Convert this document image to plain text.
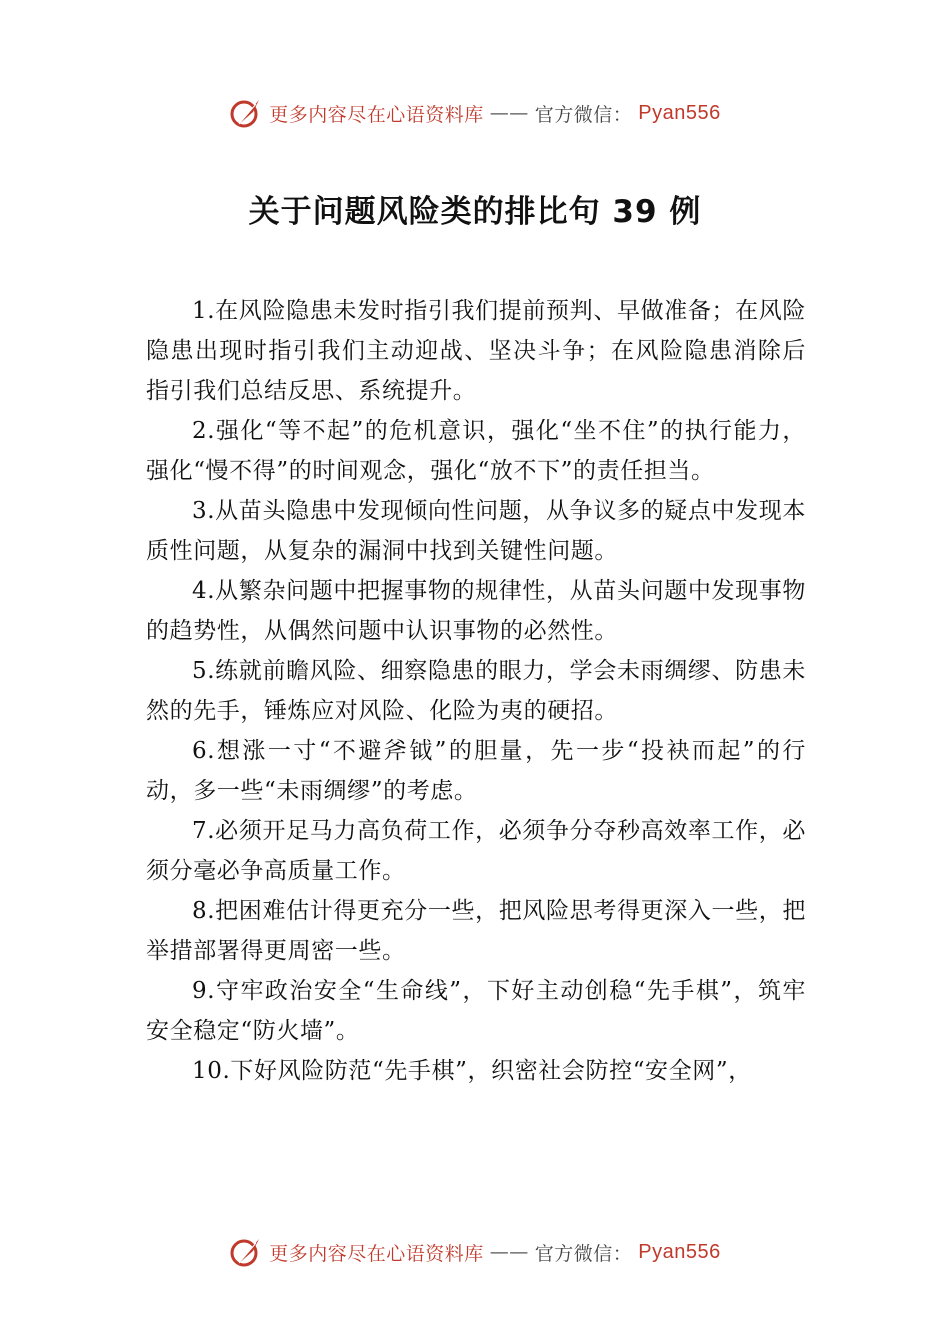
更多内容尽在心语资料库 —— 官方微信： Pyan556
关于问题风险类的排比句 39 例

1.在风险隐患未发时指引我们提前预判、早做准备；在风险隐患出现时指引我们主动迎战、坚决斗争；在风险隐患消除后指引我们总结反思、系统提升。

2.强化“等不起”的危机意识，强化“坐不住”的执行能力，强化“慢不得”的时间观念，强化“放不下”的责任担当。

3.从苗头隐患中发现倾向性问题，从争议多的疑点中发现本质性问题，从复杂的漏洞中找到关键性问题。

4.从繁杂问题中把握事物的规律性，从苗头问题中发现事物的趋势性，从偶然问题中认识事物的必然性。

5.练就前瞻风险、细察隐患的眼力，学会未雨绸缪、防患未然的先手，锤炼应对风险、化险为夷的硬招。

6.想涨一寸“不避斧钺”的胆量，先一步“投袂而起”的行动，多一些“未雨绸缪”的考虑。

7.必须开足马力高负荷工作，必须争分夺秒高效率工作，必须分毫必争高质量工作。

8.把困难估计得更充分一些，把风险思考得更深入一些，把举措部署得更周密一些。

9.守牢政治安全“生命线”，下好主动创稳“先手棋”，筑牢安全稳定“防火墙”。

10.下好风险防范“先手棋”，织密社会防控“安全网”，

更多内容尽在心语资料库 —— 官方微信： Pyan556
